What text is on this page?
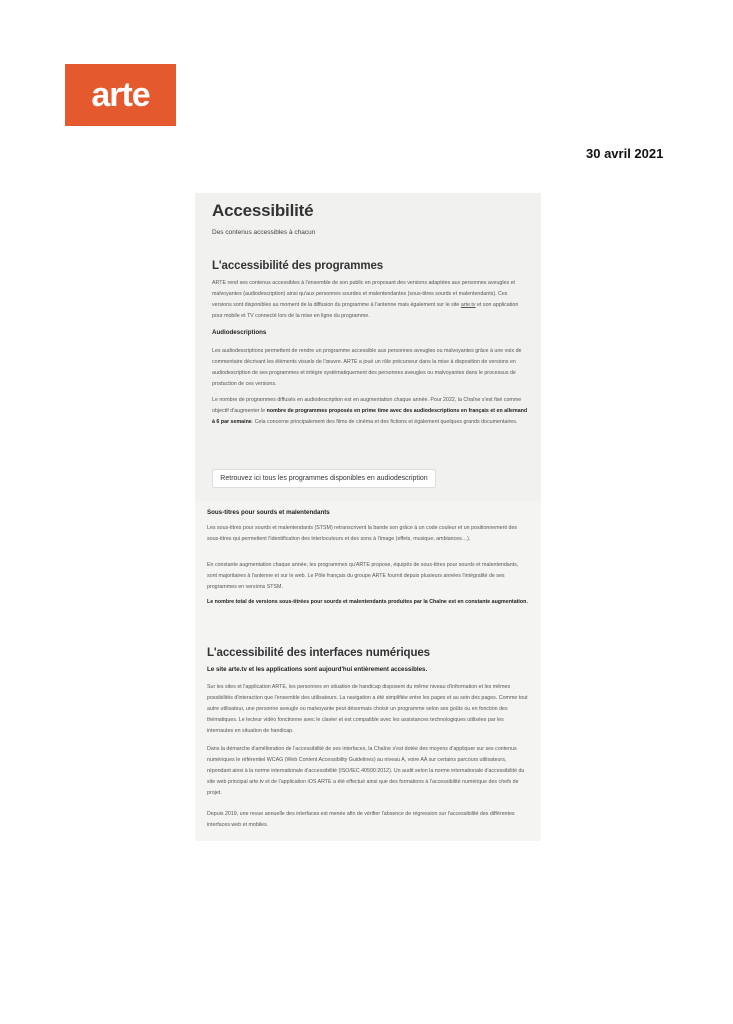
arte
30 avril 2021
Accessibilité
Des contenus accessibles à chacun
L'accessibilité des programmes

ARTE rend ses contenus accessibles à l'ensemble de son public en proposant des versions adaptées aux personnes aveugles et malvoyantes (audiodescription) ainsi qu'aux personnes sourdes et malentendantes (sous-titres sourds et malentendants). Ces versions sont disponibles au moment de la diffusion du programme à l'antenne mais également sur le site arte.tv et son application pour mobile et TV connecté lors de la mise en ligne du programme.

Audiodescriptions

Les audiodescriptions permettent de rendre un programme accessible aux personnes aveugles ou malvoyantes grâce à une voix de commentaire décrivant les éléments visuels de l'œuvre. ARTE a joué un rôle précurseur dans la mise à disposition de versions en audiodescription de ses programmes et intègre systématiquement des personnes aveugles ou malvoyantes dans le processus de production de ces versions.

Le nombre de programmes diffusés en audiodescription est en augmentation chaque année. Pour 2022, la Chaîne s'est fixé comme objectif d'augmenter le nombre de programmes proposés en prime time avec des audiodescriptions en français et en allemand à 6 par semaine. Cela concerne principalement des films de cinéma et des fictions et également quelques grands documentaires.

Retrouvez ici tous les programmes disponibles en audiodescription
Sous-titres pour sourds et malentendants

Les sous-titres pour sourds et malentendants (STSM) retranscrivent la bande son grâce à un code couleur et un positionnement des sous-titres qui permettent l'identification des interlocuteurs et des sons à l'image (effets, musique, ambiances…).

En constante augmentation chaque année, les programmes qu'ARTE propose, équipés de sous-titres pour sourds et malentendants, sont majoritaires à l'antenne et sur le web. Le Pôle français du groupe ARTE fournit depuis plusieurs années l'intégralité de ses programmes en versions STSM.

Le nombre total de versions sous-titrées pour sourds et malentendants produites par la Chaîne est en constante augmentation.

L'accessibilité des interfaces numériques
Le site arte.tv et les applications sont aujourd'hui entièrement accessibles.

Sur les sites et l'application ARTE, les personnes en situation de handicap disposent du même niveau d'information et les mêmes possibilités d'interaction que l'ensemble des utilisateurs. La navigation a été simplifiée entre les pages et au sein des pages. Comme tout autre utilisateur, une personne aveugle ou malvoyante peut désormais choisir un programme selon ses goûts ou en fonction des thématiques. Le lecteur vidéo fonctionne avec le clavier et est compatible avec les assistances technologiques utilisées par les internautes en situation de handicap.

Dans la démarche d'amélioration de l'accessibilité de ses interfaces, la Chaîne s'est dotée des moyens d'appliquer sur ses contenus numériques le référentiel WCAG (Web Content Accessibility Guidelines) au niveau A, voire AA sur certains parcours utilisateurs, répondant ainsi à la norme internationale d'accessibilité (ISO/IEC 40500:2012). Un audit selon la norme internationale d'accessibilité du site web principal arte.tv et de l'application iOS ARTE a été effectué ainsi que des formations à l'accessibilité numérique des chefs de projet.

Depuis 2019, une revue annuelle des interfaces est menée afin de vérifier l'absence de régression sur l'accessibilité des différentes interfaces web et mobiles.
